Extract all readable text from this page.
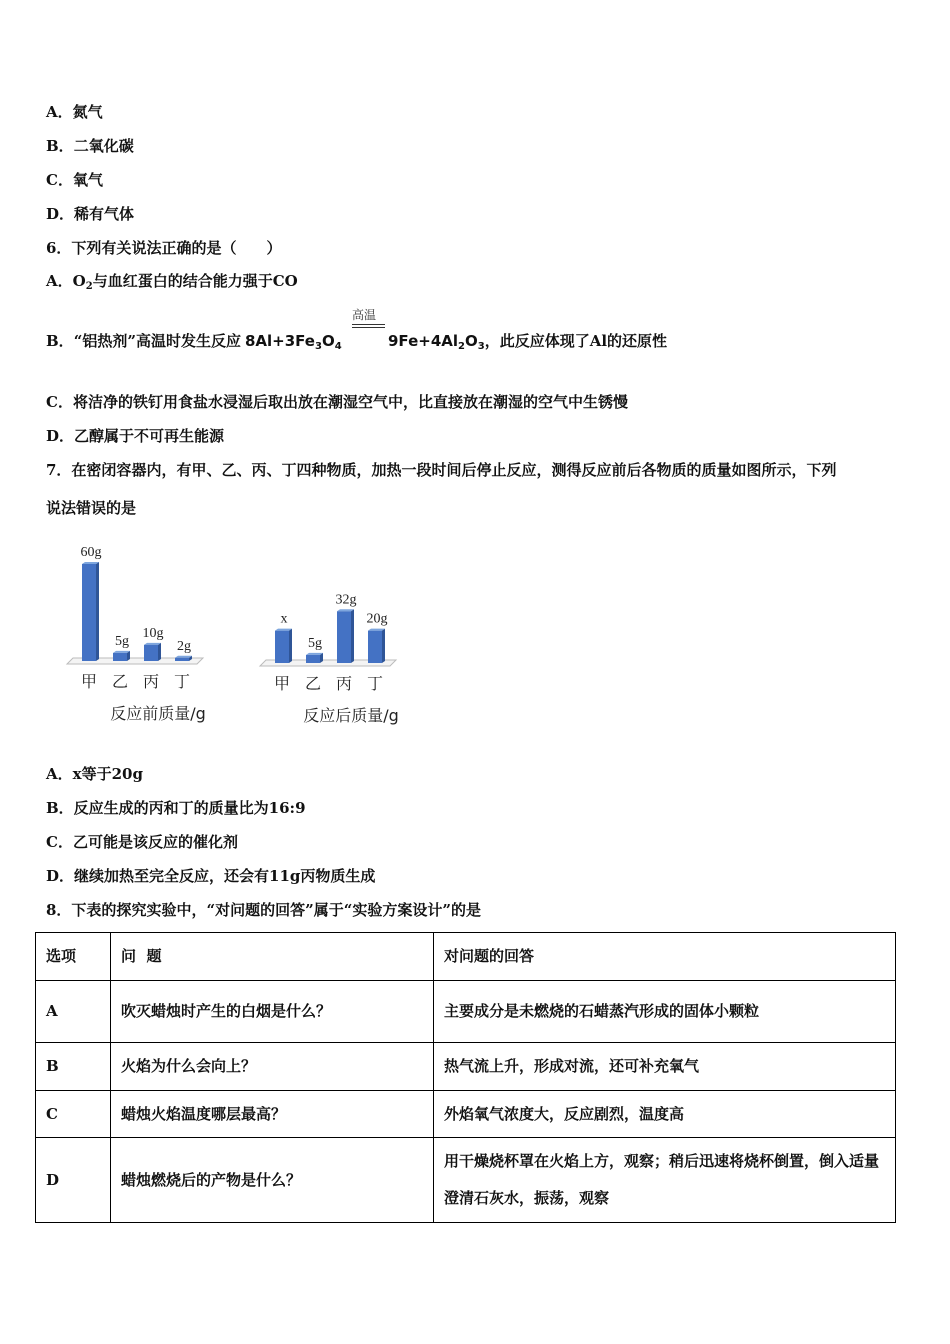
A．氮气
B．二氧化碳
C．氧气
D．稀有气体
6．下列有关说法正确的是（　　）
A．$O_2$与血红蛋白的结合能力强于CO
高温
B．“铝热剂”高温时发生反应 $8Al+3Fe_3O_4$	$9Fe+4Al_2O_3$，此反应体现了Al的还原性
C．将洁净的铁钉用食盐水浸湿后取出放在潮湿空气中，比直接放在潮湿的空气中生锈慢
D．乙醇属于不可再生能源
7．在密闭容器内，有甲、乙、丙、丁四种物质，加热一段时间后停止反应，测得反应前后各物质的质量如图所示，下列
说法错误的是
60g
甲
5g
乙
10g
丙
2g
丁
反应前质量/g
x
甲
5g
乙
32g
丙
20g
丁
反应后质量/g
A．x等于20g
B．反应生成的丙和丁的质量比为16:9
C．乙可能是该反应的催化剂
D．继续加热至完全反应，还会有11g丙物质生成
8．下表的探究实验中，“对问题的回答”属于“实验方案设计”的是
选项	问  题	对问题的回答
A	吹灭蜡烛时产生的白烟是什么？	主要成分是未燃烧的石蜡蒸汽形成的固体小颗粒
B	火焰为什么会向上？	热气流上升，形成对流，还可补充氧气
C	蜡烛火焰温度哪层最高？	外焰氧气浓度大，反应剧烈，温度高
D	蜡烛燃烧后的产物是什么？	用干燥烧杯罩在火焰上方，观察；稍后迅速将烧杯倒置，倒入适量澄清石灰水，振荡，观察
